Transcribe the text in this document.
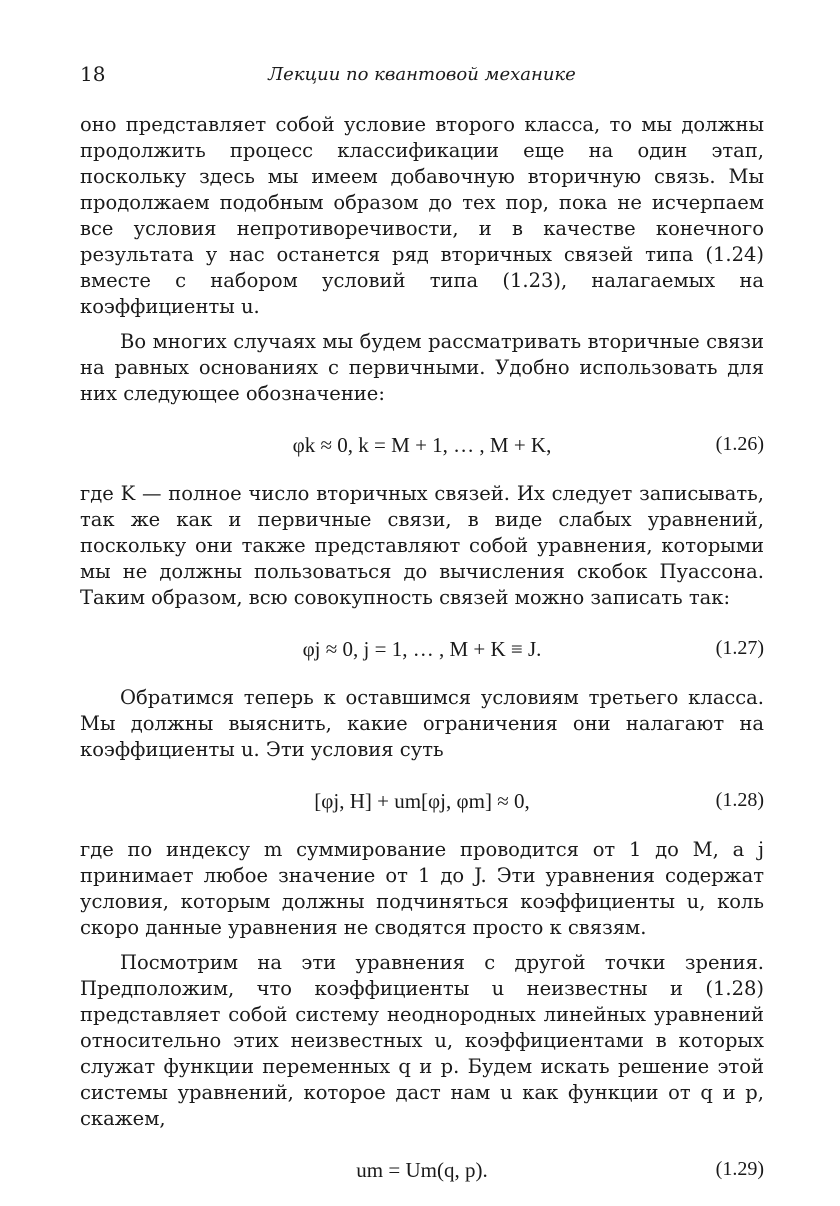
18	Лекции по квантовой механике

оно представляет собой условие второго класса, то мы должны продолжить процесс классификации еще на один этап, поскольку здесь мы имеем добавочную вторичную связь. Мы продолжаем подобным образом до тех пор, пока не исчерпаем все условия непротиворечивости, и в качестве конечного результата у нас останется ряд вторичных связей типа (1.24) вместе с набором условий типа (1.23), налагаемых на коэффициенты u.

Во многих случаях мы будем рассматривать вторичные связи на равных основаниях с первичными. Удобно использовать для них следующее обозначение:

φk ≈ 0, k = M + 1, … , M + K,	(1.26)

где K — полное число вторичных связей. Их следует записывать, так же как и первичные связи, в виде слабых уравнений, поскольку они также представляют собой уравнения, которыми мы не должны пользоваться до вычисления скобок Пуассона. Таким образом, всю совокупность связей можно записать так:

φj ≈ 0, j = 1, … , M + K ≡ J.	(1.27)

Обратимся теперь к оставшимся условиям третьего класса. Мы должны выяснить, какие ограничения они налагают на коэффициенты u. Эти условия суть

[φj, H] + um[φj, φm] ≈ 0,	(1.28)

где по индексу m суммирование проводится от 1 до M, а j принимает любое значение от 1 до J. Эти уравнения содержат условия, которым должны подчиняться коэффициенты u, коль скоро данные уравнения не сводятся просто к связям.

Посмотрим на эти уравнения с другой точки зрения. Предположим, что коэффициенты u неизвестны и (1.28) представляет собой систему неоднородных линейных уравнений относительно этих неизвестных u, коэффициентами в которых служат функции переменных q и p. Будем искать решение этой системы уравнений, которое даст нам u как функции от q и p, скажем,

um = Um(q, p).	(1.29)
